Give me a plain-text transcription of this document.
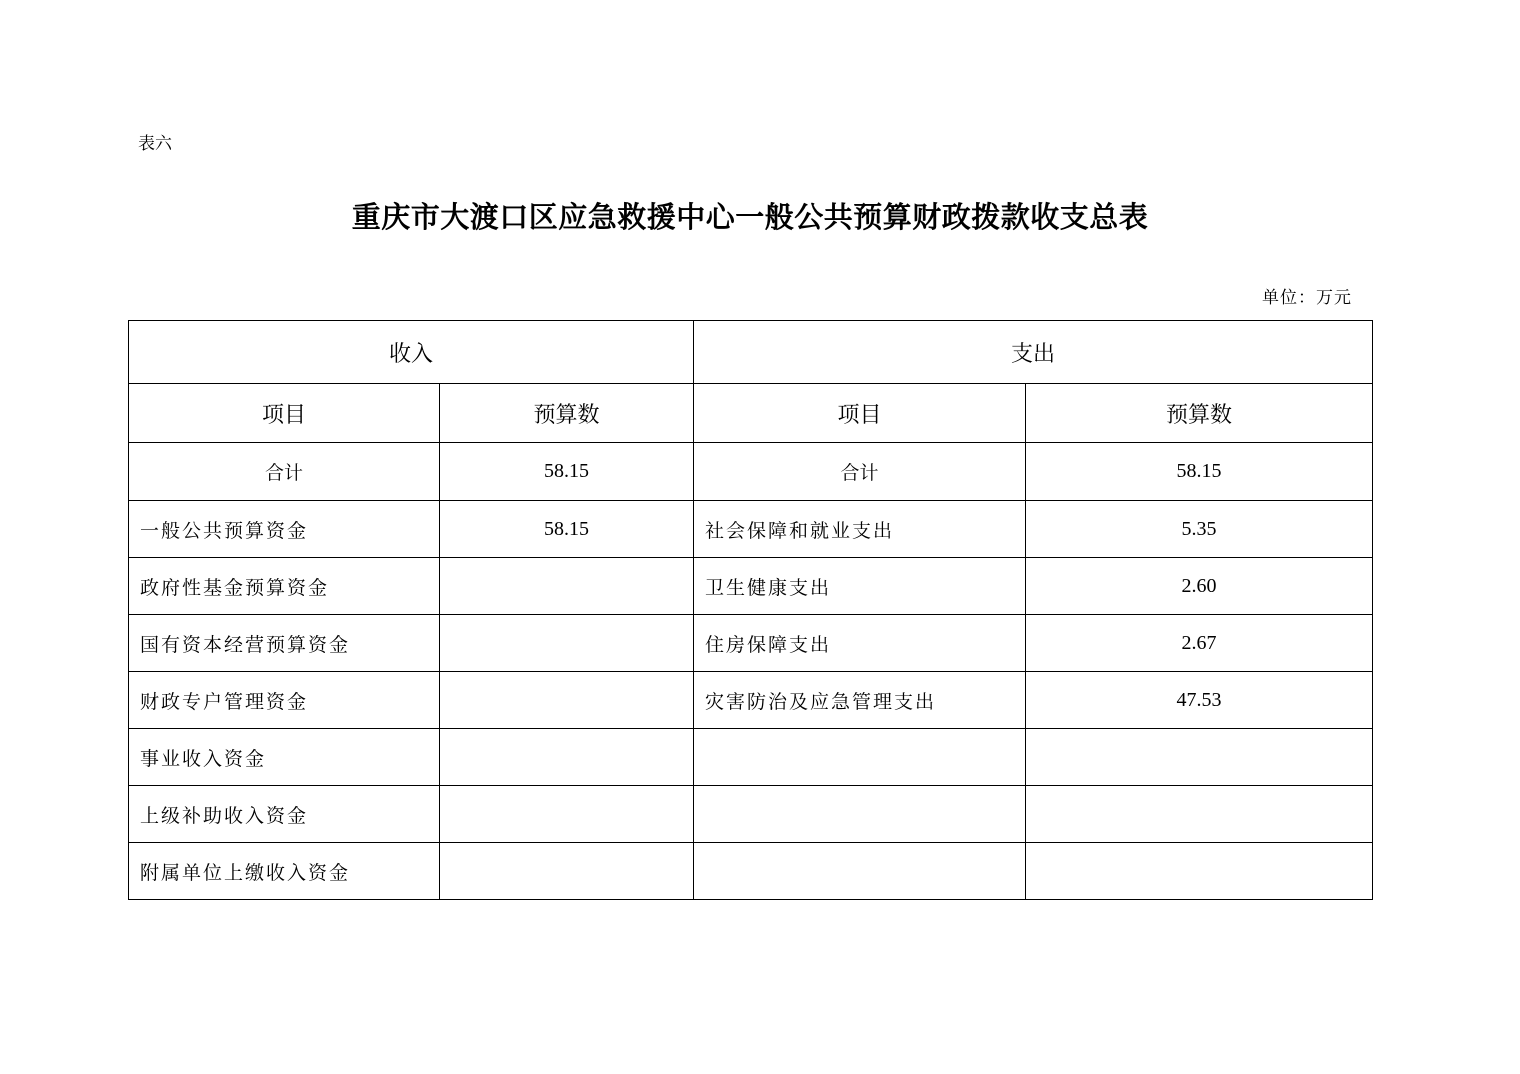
表六
重庆市大渡口区应急救援中心一般公共预算财政拨款收支总表
单位：万元
收入		支出	
项目	预算数	项目	预算数
合计	58.15	合计	58.15
一般公共预算资金	58.15	社会保障和就业支出	5.35
政府性基金预算资金		卫生健康支出	2.60
国有资本经营预算资金		住房保障支出	2.67
财政专户管理资金		灾害防治及应急管理支出	47.53
事业收入资金			
上级补助收入资金			
附属单位上缴收入资金			
